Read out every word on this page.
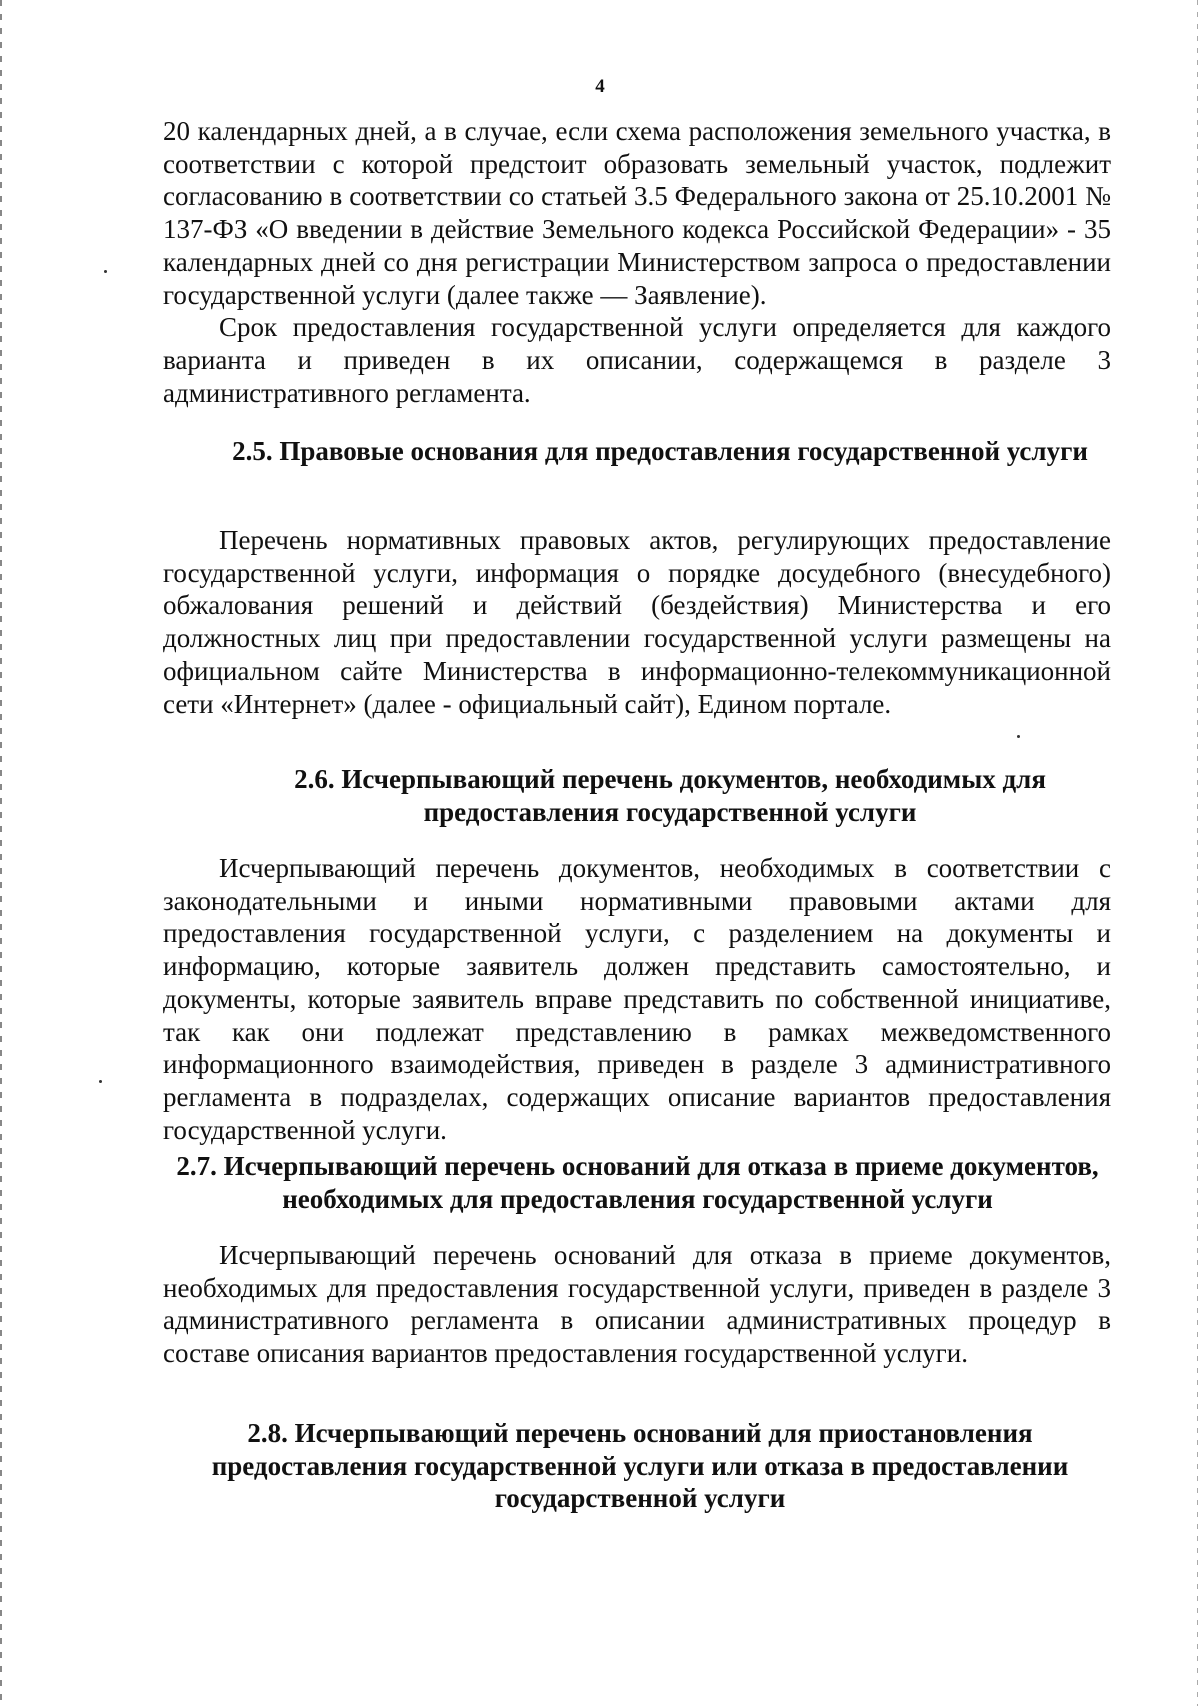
4

20 календарных дней, а в случае, если схема расположения земельного участка, в соответствии с которой предстоит образовать земельный участок, подлежит согласованию в соответствии со статьей 3.5 Федерального закона от 25.10.2001 № 137-ФЗ «О введении в действие Земельного кодекса Российской Федерации» - 35 календарных дней со дня регистрации Министерством запроса о предоставлении государственной услуги (далее также — Заявление).

Срок предоставления государственной услуги определяется для каждого варианта и приведен в их описании, содержащемся в разделе 3 административного регламента.

2.5. Правовые основания для предоставления государственной услуги

Перечень нормативных правовых актов, регулирующих предоставление государственной услуги, информация о порядке досудебного (внесудебного) обжалования решений и действий (бездействия) Министерства и его должностных лиц при предоставлении государственной услуги размещены на официальном сайте Министерства в информационно-телекоммуникационной сети «Интернет» (далее - официальный сайт), Едином портале.

2.6. Исчерпывающий перечень документов, необходимых для предоставления государственной услуги

Исчерпывающий перечень документов, необходимых в соответствии с законодательными и иными нормативными правовыми актами для предоставления государственной услуги, с разделением на документы и информацию, которые заявитель должен представить самостоятельно, и документы, которые заявитель вправе представить по собственной инициативе, так как они подлежат представлению в рамках межведомственного информационного взаимодействия, приведен в разделе 3 административного регламента в подразделах, содержащих описание вариантов предоставления государственной услуги.

2.7. Исчерпывающий перечень оснований для отказа в приеме документов, необходимых для предоставления государственной услуги

Исчерпывающий перечень оснований для отказа в приеме документов, необходимых для предоставления государственной услуги, приведен в разделе 3 административного регламента в описании административных процедур в составе описания вариантов предоставления государственной услуги.

2.8. Исчерпывающий перечень оснований для приостановления предоставления государственной услуги или отказа в предоставлении государственной услуги
